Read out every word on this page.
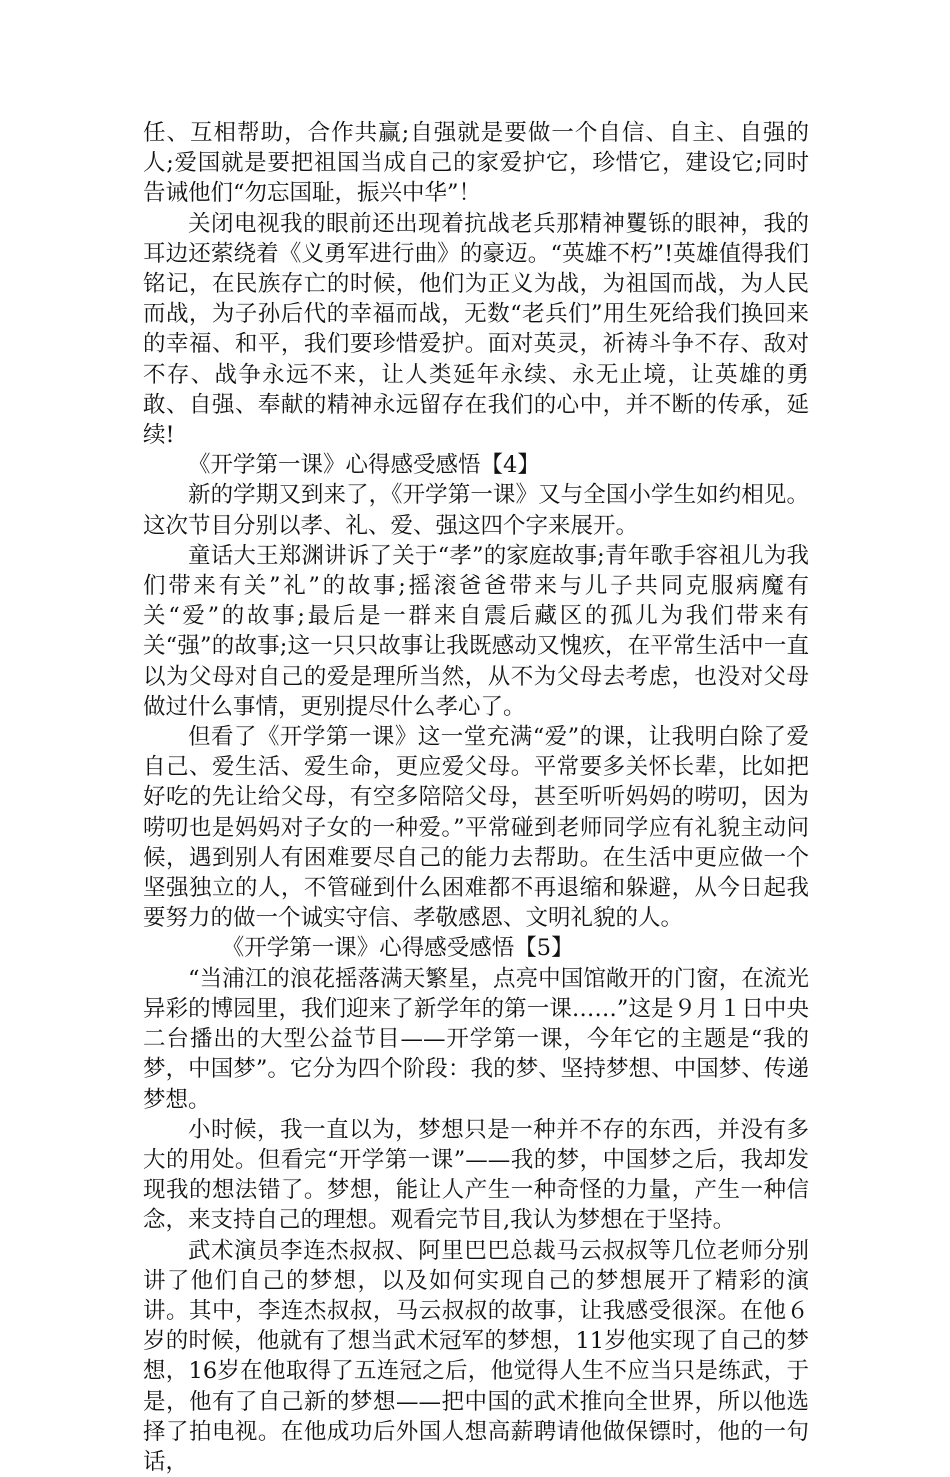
任、互相帮助，合作共赢;自强就是要做一个自信、自主、自强的人;爱国就是要把祖国当成自己的家爱护它，珍惜它，建设它;同时告诫他们“勿忘国耻，振兴中华”！

关闭电视我的眼前还出现着抗战老兵那精神矍铄的眼神，我的耳边还萦绕着《义勇军进行曲》的豪迈。“英雄不朽”!英雄值得我们铭记，在民族存亡的时候，他们为正义为战，为祖国而战，为人民而战，为子孙后代的幸福而战，无数“老兵们”用生死给我们换回来的幸福、和平，我们要珍惜爱护。面对英灵，祈祷斗争不存、敌对不存、战争永远不来，让人类延年永续、永无止境，让英雄的勇敢、自强、奉献的精神永远留存在我们的心中，并不断的传承，延续!

《开学第一课》心得感受感悟【4】

新的学期又到来了，《开学第一课》又与全国小学生如约相见。这次节目分别以孝、礼、爱、强这四个字来展开。

童话大王郑渊讲诉了关于“孝”的家庭故事;青年歌手容祖儿为我们带来有关”礼”的故事;摇滚爸爸带来与儿子共同克服病魔有关“爱”的故事;最后是一群来自震后藏区的孤儿为我们带来有关“强”的故事;这一只只故事让我既感动又愧疚，在平常生活中一直以为父母对自己的爱是理所当然，从不为父母去考虑，也没对父母做过什么事情，更别提尽什么孝心了。

但看了《开学第一课》这一堂充满“爱”的课，让我明白除了爱自己、爱生活、爱生命，更应爱父母。平常要多关怀长辈，比如把好吃的先让给父母，有空多陪陪父母，甚至听听妈妈的唠叨，因为唠叨也是妈妈对子女的一种爱。”平常碰到老师同学应有礼貌主动问候，遇到别人有困难要尽自己的能力去帮助。在生活中更应做一个坚强独立的人，不管碰到什么困难都不再退缩和躲避，从今日起我要努力的做一个诚实守信、孝敬感恩、文明礼貌的人。

《开学第一课》心得感受感悟【5】

“当浦江的浪花摇落满天繁星，点亮中国馆敞开的门窗，在流光异彩的博园里，我们迎来了新学年的第一课……”这是９月１日中央二台播出的大型公益节目——开学第一课，今年它的主题是“我的梦，中国梦”。它分为四个阶段：我的梦、坚持梦想、中国梦、传递梦想。

小时候，我一直以为，梦想只是一种并不存的东西，并没有多大的用处。但看完“开学第一课”——我的梦，中国梦之后，我却发现我的想法错了。梦想，能让人产生一种奇怪的力量，产生一种信念，来支持自己的理想。观看完节目,我认为梦想在于坚持。

武术演员李连杰叔叔、阿里巴巴总裁马云叔叔等几位老师分别讲了他们自己的梦想，以及如何实现自己的梦想展开了精彩的演讲。其中，李连杰叔叔，马云叔叔的故事，让我感受很深。在他６岁的时候，他就有了想当武术冠军的梦想，11岁他实现了自己的梦想，16岁在他取得了五连冠之后，他觉得人生不应当只是练武，于是，他有了自己新的梦想——把中国的武术推向全世界，所以他选择了拍电视。在他成功后外国人想高薪聘请他做保镖时，他的一句话，
